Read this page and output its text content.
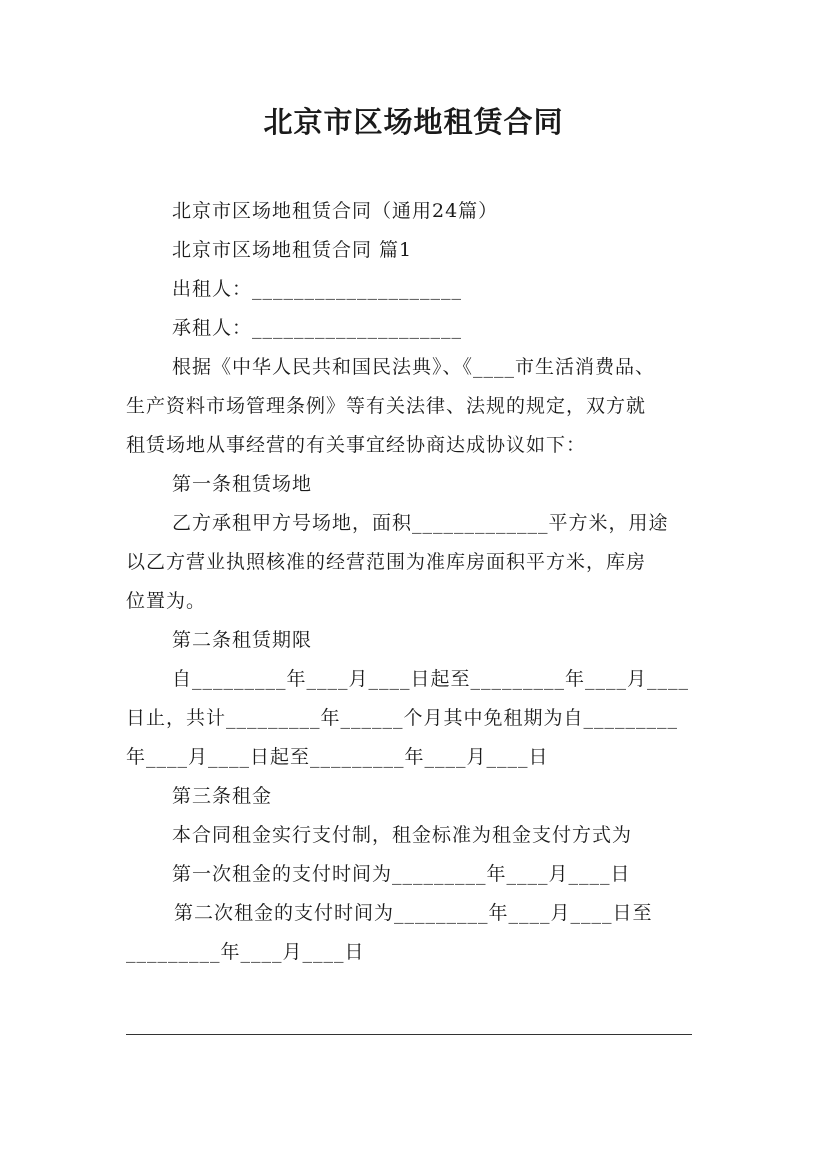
北京市区场地租赁合同
北京市区场地租赁合同（通用24篇）
北京市区场地租赁合同 篇1
出租人：____________________
承租人：____________________
根据《中华人民共和国民法典》、《____市生活消费品、
生产资料市场管理条例》等有关法律、法规的规定，双方就
租赁场地从事经营的有关事宜经协商达成协议如下：
第一条租赁场地
乙方承租甲方号场地，面积_____________平方米，用途
以乙方营业执照核准的经营范围为准库房面积平方米，库房
位置为。
第二条租赁期限
自_________年____月____日起至_________年____月____
日止，共计_________年______个月其中免租期为自_________
年____月____日起至_________年____月____日
第三条租金
本合同租金实行支付制，租金标准为租金支付方式为
第一次租金的支付时间为_________年____月____日
第二次租金的支付时间为_________年____月____日至
_________年____月____日
